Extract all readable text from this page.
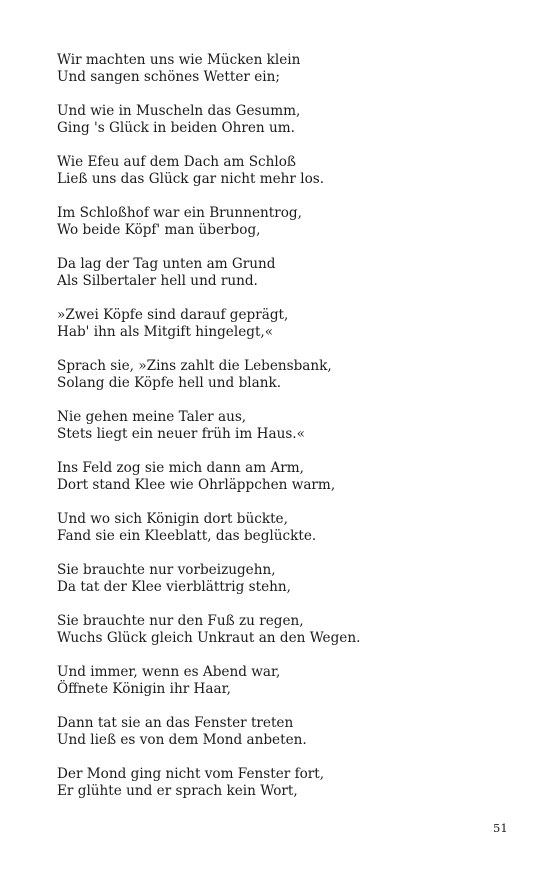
Wir machten uns wie Mücken klein
Und sangen schönes Wetter ein;
Und wie in Muscheln das Gesumm,
Ging 's Glück in beiden Ohren um.
Wie Efeu auf dem Dach am Schloß
Ließ uns das Glück gar nicht mehr los.
Im Schloßhof war ein Brunnentrog,
Wo beide Köpf' man überbog,
Da lag der Tag unten am Grund
Als Silbertaler hell und rund.
»Zwei Köpfe sind darauf geprägt,
Hab' ihn als Mitgift hingelegt,«
Sprach sie, »Zins zahlt die Lebensbank,
Solang die Köpfe hell und blank.
Nie gehen meine Taler aus,
Stets liegt ein neuer früh im Haus.«
Ins Feld zog sie mich dann am Arm,
Dort stand Klee wie Ohrläppchen warm,
Und wo sich Königin dort bückte,
Fand sie ein Kleeblatt, das beglückte.
Sie brauchte nur vorbeizugehn,
Da tat der Klee vierblättrig stehn,
Sie brauchte nur den Fuß zu regen,
Wuchs Glück gleich Unkraut an den Wegen.
Und immer, wenn es Abend war,
Öffnete Königin ihr Haar,
Dann tat sie an das Fenster treten
Und ließ es von dem Mond anbeten.
Der Mond ging nicht vom Fenster fort,
Er glühte und er sprach kein Wort,
51
